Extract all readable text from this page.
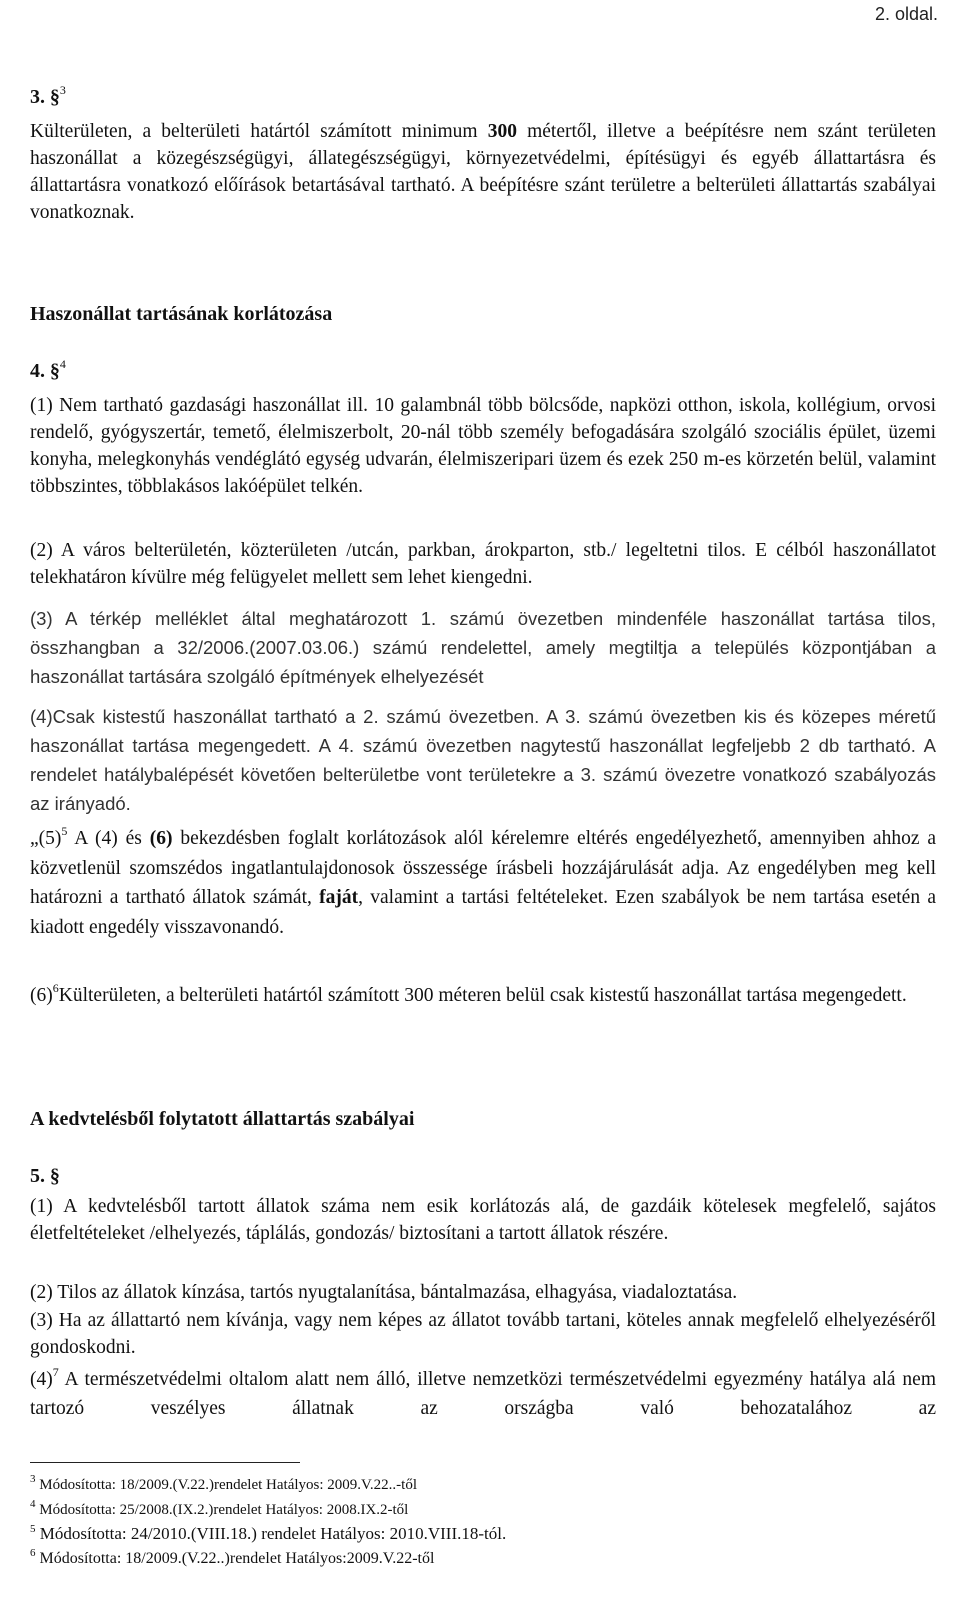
2. oldal.
3. §$^3$
Külterületen, a belterületi határtól számított minimum 300 métertől, illetve a beépítésre nem szánt területen haszonállat a közegészségügyi, állategészségügyi, környezetvédelmi, építésügyi és egyéb állattartásra és állattartásra vonatkozó előírások betartásával tartható. A beépítésre szánt területre a belterületi állattartás szabályai vonatkoznak.
Haszonállat tartásának korlátozása
4. §$^4$
(1) Nem tartható gazdasági haszonállat ill. 10 galambnál több bölcsőde, napközi otthon, iskola, kollégium, orvosi rendelő, gyógyszertár, temető, élelmiszerbolt, 20-nál több személy befogadására szolgáló szociális épület, üzemi konyha, melegkonyhás vendéglátó egység udvarán, élelmiszeripari üzem és ezek 250 m-es körzetén belül, valamint többszintes, többlakásos lakóépület telkén.
(2) A város belterületén, közterületen /utcán, parkban, árokparton, stb./ legeltetni tilos. E célból haszonállatot telekhatáron kívülre még felügyelet mellett sem lehet kiengedni.
(3) A térkép melléklet által meghatározott 1. számú övezetben mindenféle haszonállat tartása tilos, összhangban a 32/2006.(2007.03.06.) számú rendelettel, amely megtiltja a település központjában a haszonállat tartására szolgáló építmények elhelyezését
(4)Csak kistestű haszonállat tartható a 2. számú övezetben. A 3. számú övezetben kis és közepes méretű haszonállat tartása megengedett. A 4. számú övezetben nagytestű haszonállat legfeljebb 2 db tartható. A rendelet hatálybalépését követően belterületbe vont területekre a 3. számú övezetre vonatkozó szabályozás az irányadó.
$„(5)^5$ A (4) és (6) bekezdésben foglalt korlátozások alól kérelemre eltérés engedélyezhető, amennyiben ahhoz a közvetlenül szomszédos ingatlantulajdonosok összessége írásbeli hozzájárulását adja. Az engedélyben meg kell határozni a tartható állatok számát, faját, valamint a tartási feltételeket. Ezen szabályok be nem tartása esetén a kiadott engedély visszavonandó.
$(6)^6Külterületen$, a belterületi határtól számított 300 méteren belül csak kistestű haszonállat tartása megengedett.
A kedvtelésből folytatott állattartás szabályai
5. §
(1) A kedvtelésből tartott állatok száma nem esik korlátozás alá, de gazdáik kötelesek megfelelő, sajátos életfeltételeket /elhelyezés, táplálás, gondozás/ biztosítani a tartott állatok részére.
(2) Tilos az állatok kínzása, tartós nyugtalanítása, bántalmazása, elhagyása, viadaloztatása.
(3) Ha az állattartó nem kívánja, vagy nem képes az állatot tovább tartani, köteles annak megfelelő elhelyezéséről gondoskodni.
$(4)^7$ A természetvédelmi oltalom alatt nem álló, illetve nemzetközi természetvédelmi egyezmény hatálya alá nem tartozó veszélyes állatnak az országba való behozatalához az
$^3$ Módosította: 18/2009.(V.22.)rendelet Hatályos: 2009.V.22..-től
$^4$ Módosította: 25/2008.(IX.2.)rendelet Hatályos: 2008.IX.2-től
$^5$ Módosította: 24/2010.(VIII.18.) rendelet Hatályos: 2010.VIII.18-tól.
$^6$ Módosította: 18/2009.(V.22..)rendelet Hatályos:2009.V.22-től
